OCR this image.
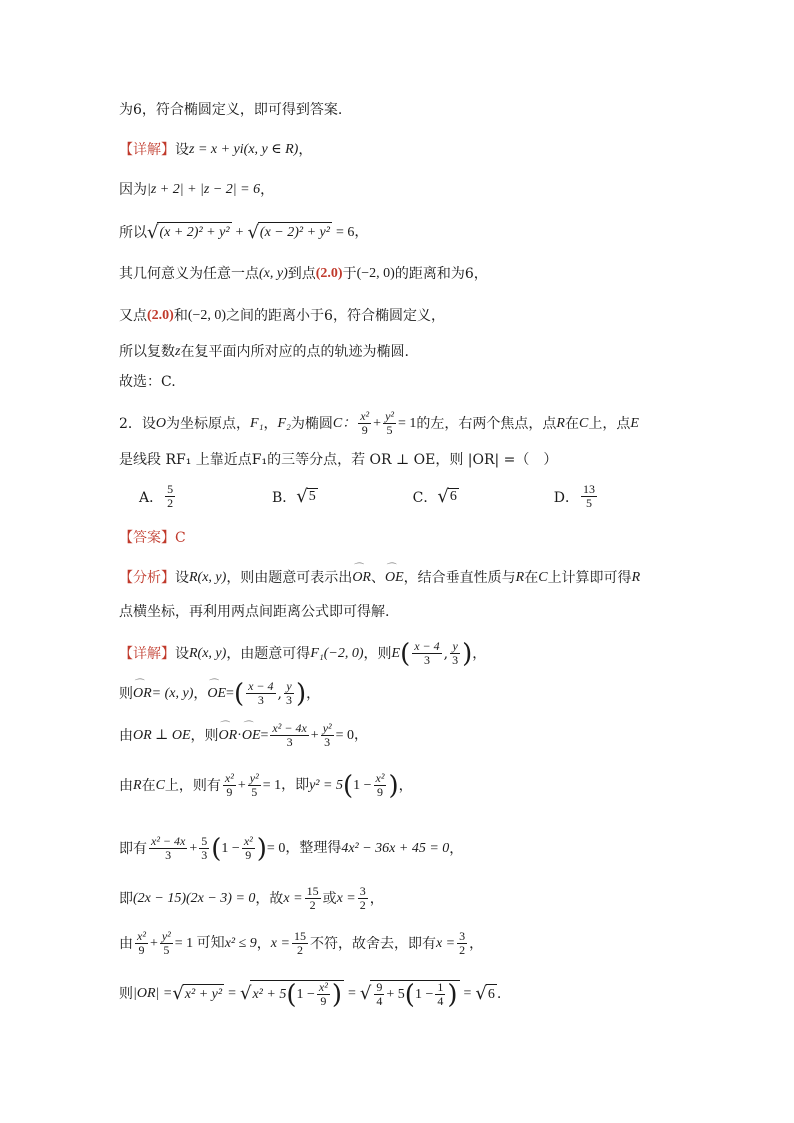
为6，符合椭圆定义，即可得到答案.
【详解】 设 z = x + yi(x, y ∈ R) ，
因为 |z + 2| + |z − 2| = 6 ，
所以 √ (x + 2)² + y² + √ (x − 2)² + y² = 6，
其几何意义为任意一点 (x, y) 到点 (2.0) 于 (−2, 0) 的距离和为6，
又点 (2.0) 和 (−2, 0) 之间的距离小于6，符合椭圆定义，
所以复数 z 在复平面内所对应的点的轨迹为椭圆.
故选：C.
2．设 O 为坐标原点， F₁ ， F₂ 为椭圆 C： $\frac{\text{x²}}{9} + \frac{\text{y²}}{5} = 1$ 的左，右两个焦点，点 R 在 C 上，点 E
是线段 RF₁ 上靠近点F₁的三等分点，若 OR ⊥ OE，则 |OR| =（　）
A． $\frac{5}{2}$	B． √ 5	C． √ 6	D． $\frac{13}{5}$
【答案】 C
【分析】 设 R(x, y) ，则由题意可表示出 ⌒ OR 、 ⌒ OE ，结合垂直性质与 R 在 C 上计算即可得 R
点横坐标，再利用两点间距离公式即可得解.
【详解】 设 R(x, y) ，由题意可得 F₁(−2, 0) ，则 E ( $\frac{x - 4}{3}$ , $\frac{y}{3}$ ) ，
则 ⌒ OR = (x, y) ， ⌒ OE = ( $\frac{x - 4}{3}$ , $\frac{y}{3}$ ) ，
由 OR ⊥ OE ，则 ⌒ OR · ⌒ OE = $\frac{\text{x² − 4x}}{3} + \frac{\text{y²}}{3} = 0$，
由 R 在 C 上，则有 $\frac{\text{x²}}{9} + \frac{\text{y²}}{5} = 1$，即 y² = 5 ( $1 - \frac{\text{x²}}{9}$ ) ，
即有 $\frac{\text{x² − 4x}}{3} + \frac{5}{3}$ ( $1 - \frac{\text{x²}}{9}$ ) = 0，整理得 4x² − 36x + 45 = 0 ，
即 (2x − 15)(2x − 3) = 0 ，故 $x = \frac{15}{2}$ 或 $x = \frac{3}{2}$ ，
由 $\frac{\text{x²}}{9} + \frac{\text{y²}}{5} = 1$ 可知 x² ≤ 9 ， $x = \frac{15}{2}$ 不符，故舍去，即有 $x = \frac{3}{2}$ ，
则 |OR| = √ x² + y² = √ x² + 5 ( $1 - \frac{\text{x²}}{9}$ ) = √ $\frac{9}{4} + 5$ ( $1 - \frac{1}{4}$ ) = √ 6 .
